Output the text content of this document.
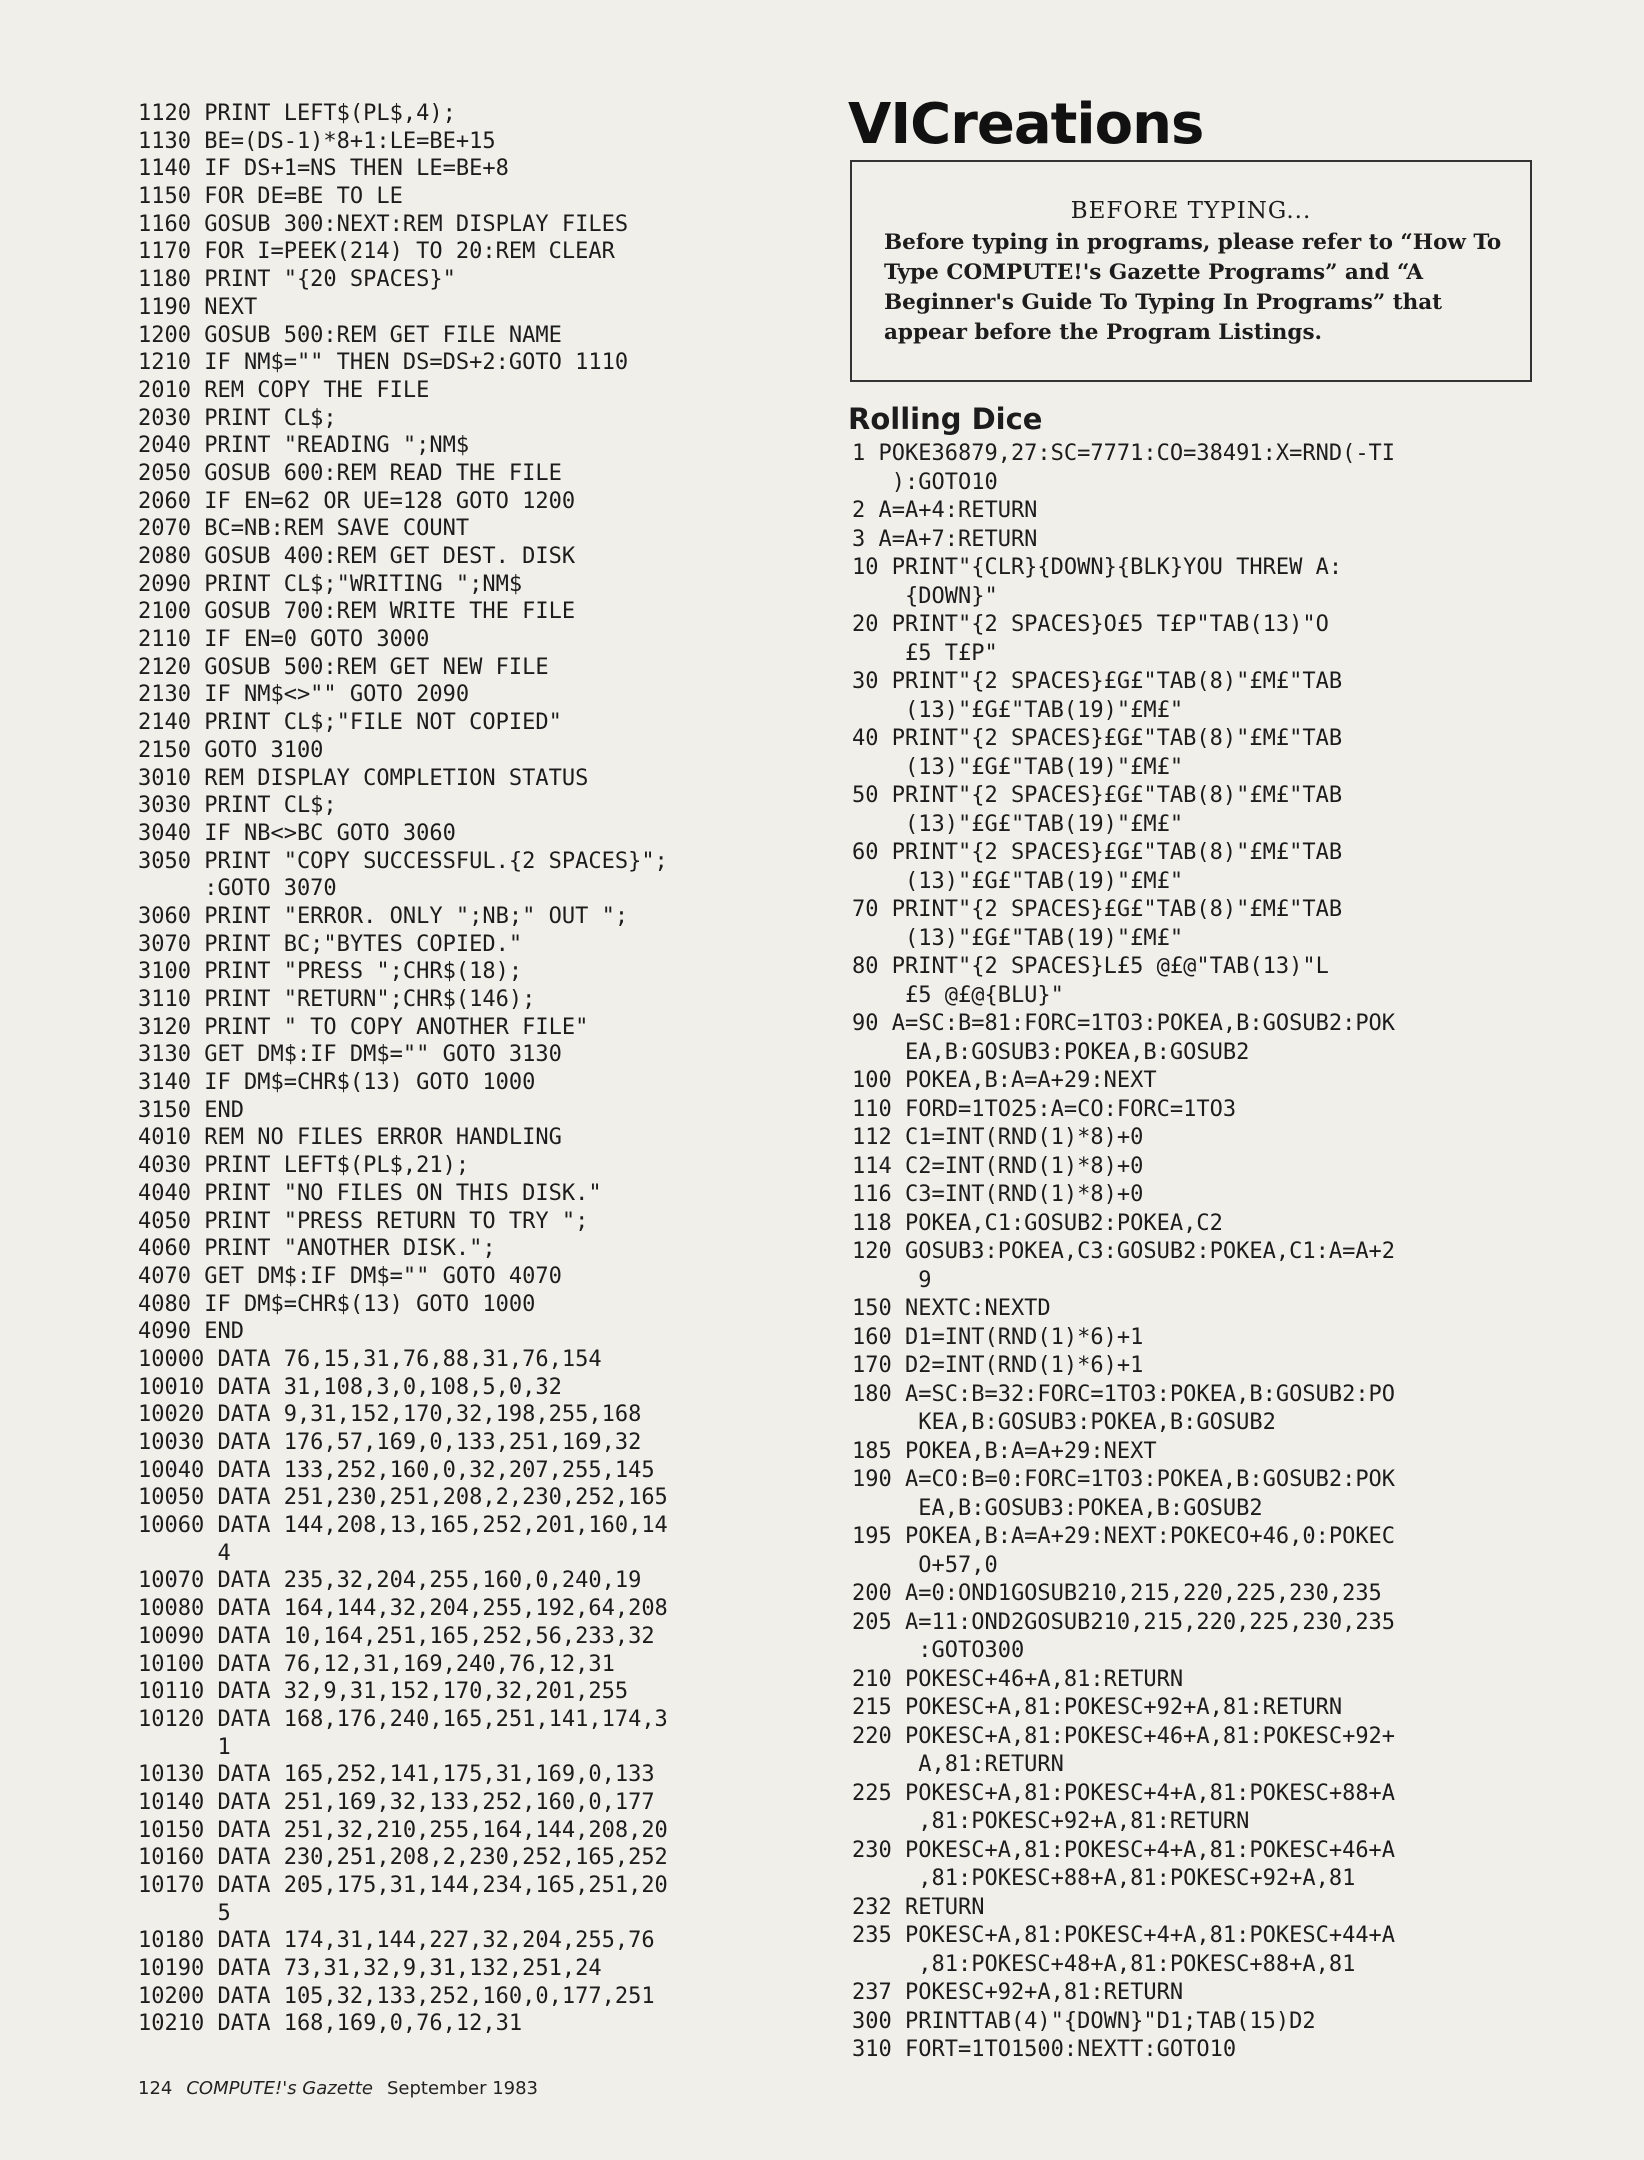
1120 PRINT LEFT$(PL$,4);
1130 BE=(DS-1)*8+1:LE=BE+15
1140 IF DS+1=NS THEN LE=BE+8
1150 FOR DE=BE TO LE
1160 GOSUB 300:NEXT:REM DISPLAY FILES
1170 FOR I=PEEK(214) TO 20:REM CLEAR
1180 PRINT "{20 SPACES}"
1190 NEXT
1200 GOSUB 500:REM GET FILE NAME
1210 IF NM$="" THEN DS=DS+2:GOTO 1110
2010 REM COPY THE FILE
2030 PRINT CL$;
2040 PRINT "READING ";NM$
2050 GOSUB 600:REM READ THE FILE
2060 IF EN=62 OR UE=128 GOTO 1200
2070 BC=NB:REM SAVE COUNT
2080 GOSUB 400:REM GET DEST. DISK
2090 PRINT CL$;"WRITING ";NM$
2100 GOSUB 700:REM WRITE THE FILE
2110 IF EN=0 GOTO 3000
2120 GOSUB 500:REM GET NEW FILE
2130 IF NM$<>"" GOTO 2090
2140 PRINT CL$;"FILE NOT COPIED"
2150 GOTO 3100
3010 REM DISPLAY COMPLETION STATUS
3030 PRINT CL$;
3040 IF NB<>BC GOTO 3060
3050 PRINT "COPY SUCCESSFUL.{2 SPACES}";
:GOTO 3070
3060 PRINT "ERROR. ONLY ";NB;" OUT ";
3070 PRINT BC;"BYTES COPIED."
3100 PRINT "PRESS ";CHR$(18);
3110 PRINT "RETURN";CHR$(146);
3120 PRINT " TO COPY ANOTHER FILE"
3130 GET DM$:IF DM$="" GOTO 3130
3140 IF DM$=CHR$(13) GOTO 1000
3150 END
4010 REM NO FILES ERROR HANDLING
4030 PRINT LEFT$(PL$,21);
4040 PRINT "NO FILES ON THIS DISK."
4050 PRINT "PRESS RETURN TO TRY ";
4060 PRINT "ANOTHER DISK.";
4070 GET DM$:IF DM$="" GOTO 4070
4080 IF DM$=CHR$(13) GOTO 1000
4090 END
10000 DATA 76,15,31,76,88,31,76,154
10010 DATA 31,108,3,0,108,5,0,32
10020 DATA 9,31,152,170,32,198,255,168
10030 DATA 176,57,169,0,133,251,169,32
10040 DATA 133,252,160,0,32,207,255,145
10050 DATA 251,230,251,208,2,230,252,165
10060 DATA 144,208,13,165,252,201,160,14
4
10070 DATA 235,32,204,255,160,0,240,19
10080 DATA 164,144,32,204,255,192,64,208
10090 DATA 10,164,251,165,252,56,233,32
10100 DATA 76,12,31,169,240,76,12,31
10110 DATA 32,9,31,152,170,32,201,255
10120 DATA 168,176,240,165,251,141,174,3
1
10130 DATA 165,252,141,175,31,169,0,133
10140 DATA 251,169,32,133,252,160,0,177
10150 DATA 251,32,210,255,164,144,208,20
10160 DATA 230,251,208,2,230,252,165,252
10170 DATA 205,175,31,144,234,165,251,20
5
10180 DATA 174,31,144,227,32,204,255,76
10190 DATA 73,31,32,9,31,132,251,24
10200 DATA 105,32,133,252,160,0,177,251
10210 DATA 168,169,0,76,12,31
VICreations
BEFORE TYPING...
Before typing in programs, please refer to “How To Type COMPUTE!'s Gazette Programs” and “A Beginner's Guide To Typing In Programs” that appear before the Program Listings.
Rolling Dice
1 POKE36879,27:SC=7771:CO=38491:X=RND(-TI
):GOTO10
2 A=A+4:RETURN
3 A=A+7:RETURN
10 PRINT"{CLR}{DOWN}{BLK}YOU THREW A:
{DOWN}"
20 PRINT"{2 SPACES}O£5 T£P"TAB(13)"O
£5 T£P"
30 PRINT"{2 SPACES}£G£"TAB(8)"£M£"TAB
(13)"£G£"TAB(19)"£M£"
40 PRINT"{2 SPACES}£G£"TAB(8)"£M£"TAB
(13)"£G£"TAB(19)"£M£"
50 PRINT"{2 SPACES}£G£"TAB(8)"£M£"TAB
(13)"£G£"TAB(19)"£M£"
60 PRINT"{2 SPACES}£G£"TAB(8)"£M£"TAB
(13)"£G£"TAB(19)"£M£"
70 PRINT"{2 SPACES}£G£"TAB(8)"£M£"TAB
(13)"£G£"TAB(19)"£M£"
80 PRINT"{2 SPACES}L£5 @£@"TAB(13)"L
£5 @£@{BLU}"
90 A=SC:B=81:FORC=1TO3:POKEA,B:GOSUB2:POK
EA,B:GOSUB3:POKEA,B:GOSUB2
100 POKEA,B:A=A+29:NEXT
110 FORD=1TO25:A=CO:FORC=1TO3
112 C1=INT(RND(1)*8)+0
114 C2=INT(RND(1)*8)+0
116 C3=INT(RND(1)*8)+0
118 POKEA,C1:GOSUB2:POKEA,C2
120 GOSUB3:POKEA,C3:GOSUB2:POKEA,C1:A=A+2
9
150 NEXTC:NEXTD
160 D1=INT(RND(1)*6)+1
170 D2=INT(RND(1)*6)+1
180 A=SC:B=32:FORC=1TO3:POKEA,B:GOSUB2:PO
KEA,B:GOSUB3:POKEA,B:GOSUB2
185 POKEA,B:A=A+29:NEXT
190 A=CO:B=0:FORC=1TO3:POKEA,B:GOSUB2:POK
EA,B:GOSUB3:POKEA,B:GOSUB2
195 POKEA,B:A=A+29:NEXT:POKECO+46,0:POKEC
O+57,0
200 A=0:OND1GOSUB210,215,220,225,230,235
205 A=11:OND2GOSUB210,215,220,225,230,235
:GOTO300
210 POKESC+46+A,81:RETURN
215 POKESC+A,81:POKESC+92+A,81:RETURN
220 POKESC+A,81:POKESC+46+A,81:POKESC+92+
A,81:RETURN
225 POKESC+A,81:POKESC+4+A,81:POKESC+88+A
,81:POKESC+92+A,81:RETURN
230 POKESC+A,81:POKESC+4+A,81:POKESC+46+A
,81:POKESC+88+A,81:POKESC+92+A,81
232 RETURN
235 POKESC+A,81:POKESC+4+A,81:POKESC+44+A
,81:POKESC+48+A,81:POKESC+88+A,81
237 POKESC+92+A,81:RETURN
300 PRINTTAB(4)"{DOWN}"D1;TAB(15)D2
310 FORT=1TO1500:NEXTT:GOTO10
124 COMPUTE!'s Gazette September 1983
